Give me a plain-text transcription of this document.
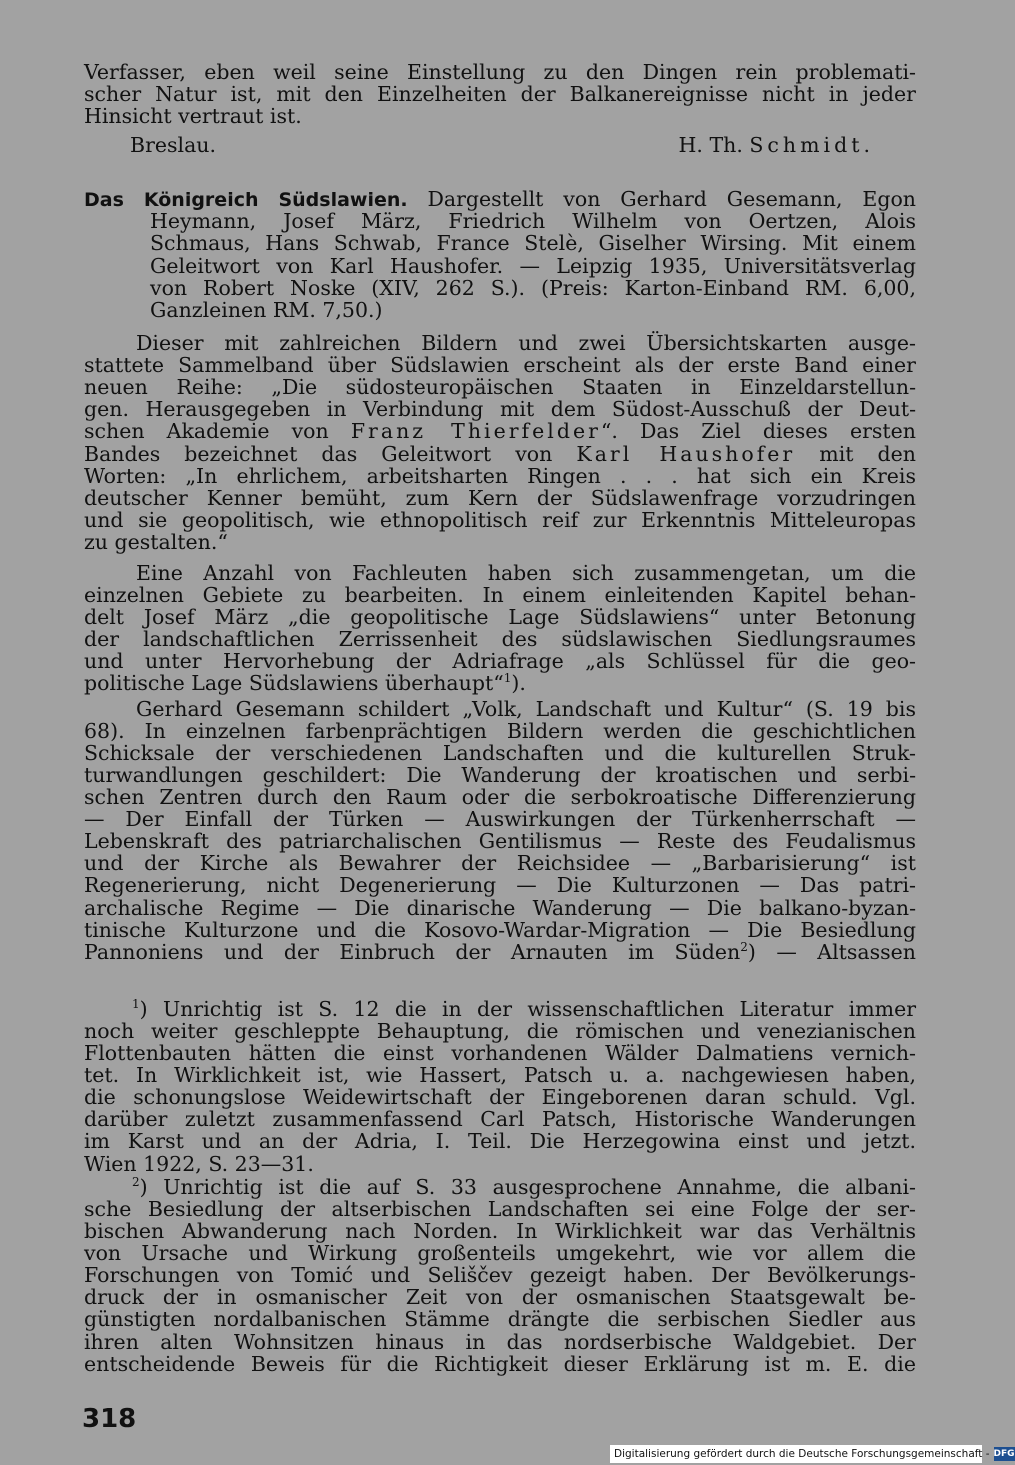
Verfasser, eben weil seine Einstellung zu den Dingen rein problemati-
scher Natur ist, mit den Einzelheiten der Balkanereignisse nicht in jeder
Hinsicht vertraut ist.
Breslau.	H. Th. Schmidt.
Das Königreich Südslawien. Dargestellt von Gerhard Gesemann, Egon
Heymann, Josef März, Friedrich Wilhelm von Oertzen, Alois
Schmaus, Hans Schwab, France Stelè, Giselher Wirsing. Mit einem
Geleitwort von Karl Haushofer. — Leipzig 1935, Universitätsverlag
von Robert Noske (XIV, 262 S.). (Preis: Karton-Einband RM. 6,00,
Ganzleinen RM. 7,50.)
Dieser mit zahlreichen Bildern und zwei Übersichtskarten ausge-
stattete Sammelband über Südslawien erscheint als der erste Band einer
neuen Reihe: „Die südosteuropäischen Staaten in Einzeldarstellun-
gen. Herausgegeben in Verbindung mit dem Südost-Ausschuß der Deut-
schen Akademie von Franz Thierfelder“. Das Ziel dieses ersten
Bandes bezeichnet das Geleitwort von Karl Haushofer mit den
Worten: „In ehrlichem, arbeitsharten Ringen . . . hat sich ein Kreis
deutscher Kenner bemüht, zum Kern der Südslawenfrage vorzudringen
und sie geopolitisch, wie ethnopolitisch reif zur Erkenntnis Mitteleuropas
zu gestalten.“
Eine Anzahl von Fachleuten haben sich zusammengetan, um die
einzelnen Gebiete zu bearbeiten. In einem einleitenden Kapitel behan-
delt Josef März „die geopolitische Lage Südslawiens“ unter Betonung
der landschaftlichen Zerrissenheit des südslawischen Siedlungsraumes
und unter Hervorhebung der Adriafrage „als Schlüssel für die geo-
politische Lage Südslawiens überhaupt“$^1$).
Gerhard Gesemann schildert „Volk, Landschaft und Kultur“ (S. 19 bis
68). In einzelnen farbenprächtigen Bildern werden die geschichtlichen
Schicksale der verschiedenen Landschaften und die kulturellen Struk-
turwandlungen geschildert: Die Wanderung der kroatischen und serbi-
schen Zentren durch den Raum oder die serbokroatische Differenzierung
— Der Einfall der Türken — Auswirkungen der Türkenherrschaft —
Lebenskraft des patriarchalischen Gentilismus — Reste des Feudalismus
und der Kirche als Bewahrer der Reichsidee — „Barbarisierung“ ist
Regenerierung, nicht Degenerierung — Die Kulturzonen — Das patri-
archalische Regime — Die dinarische Wanderung — Die balkano-byzan-
tinische Kulturzone und die Kosovo-Wardar-Migration — Die Besiedlung
Pannoniens und der Einbruch der Arnauten im Süden$^2$) — Altsassen
$^1$) Unrichtig ist S. 12 die in der wissenschaftlichen Literatur immer
noch weiter geschleppte Behauptung, die römischen und venezianischen
Flottenbauten hätten die einst vorhandenen Wälder Dalmatiens vernich-
tet. In Wirklichkeit ist, wie Hassert, Patsch u. a. nachgewiesen haben,
die schonungslose Weidewirtschaft der Eingeborenen daran schuld. Vgl.
darüber zuletzt zusammenfassend Carl Patsch, Historische Wanderungen
im Karst und an der Adria, I. Teil. Die Herzegowina einst und jetzt.
Wien 1922, S. 23—31.
$^2$) Unrichtig ist die auf S. 33 ausgesprochene Annahme, die albani-
sche Besiedlung der altserbischen Landschaften sei eine Folge der ser-
bischen Abwanderung nach Norden. In Wirklichkeit war das Verhältnis
von Ursache und Wirkung großenteils umgekehrt, wie vor allem die
Forschungen von Tomić und Seliščev gezeigt haben. Der Bevölkerungs-
druck der in osmanischer Zeit von der osmanischen Staatsgewalt be-
günstigten nordalbanischen Stämme drängte die serbischen Siedler aus
ihren alten Wohnsitzen hinaus in das nordserbische Waldgebiet. Der
entscheidende Beweis für die Richtigkeit dieser Erklärung ist m. E. die
318
Digitalisierung gefördert durch die Deutsche Forschungsgemeinschaft - DFG
